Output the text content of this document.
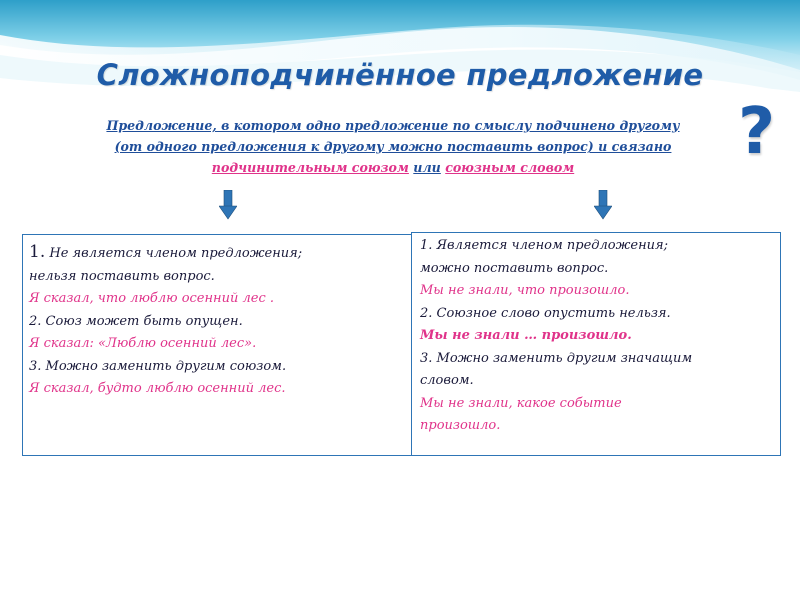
Сложноподчинённое предложение
Предложение, в котором одно предложение по смыслу подчинено другому
(от одного предложения к другому можно поставить вопрос) и связано
подчинительным союзом или союзным словом	?
1. Не является членом предложения;
нельзя поставить вопрос.
Я сказал, что люблю осенний лес .
2. Союз может быть опущен.
Я сказал: «Люблю осенний лес».
3. Можно заменить другим союзом.
Я сказал, будто люблю осенний лес.
1. Является членом предложения;
можно поставить вопрос.
Мы не знали, что произошло.
2. Союзное слово опустить нельзя.
Мы не знали … произошло.
3. Можно заменить другим значащим
словом.
Мы не знали, какое событие
произошло.
